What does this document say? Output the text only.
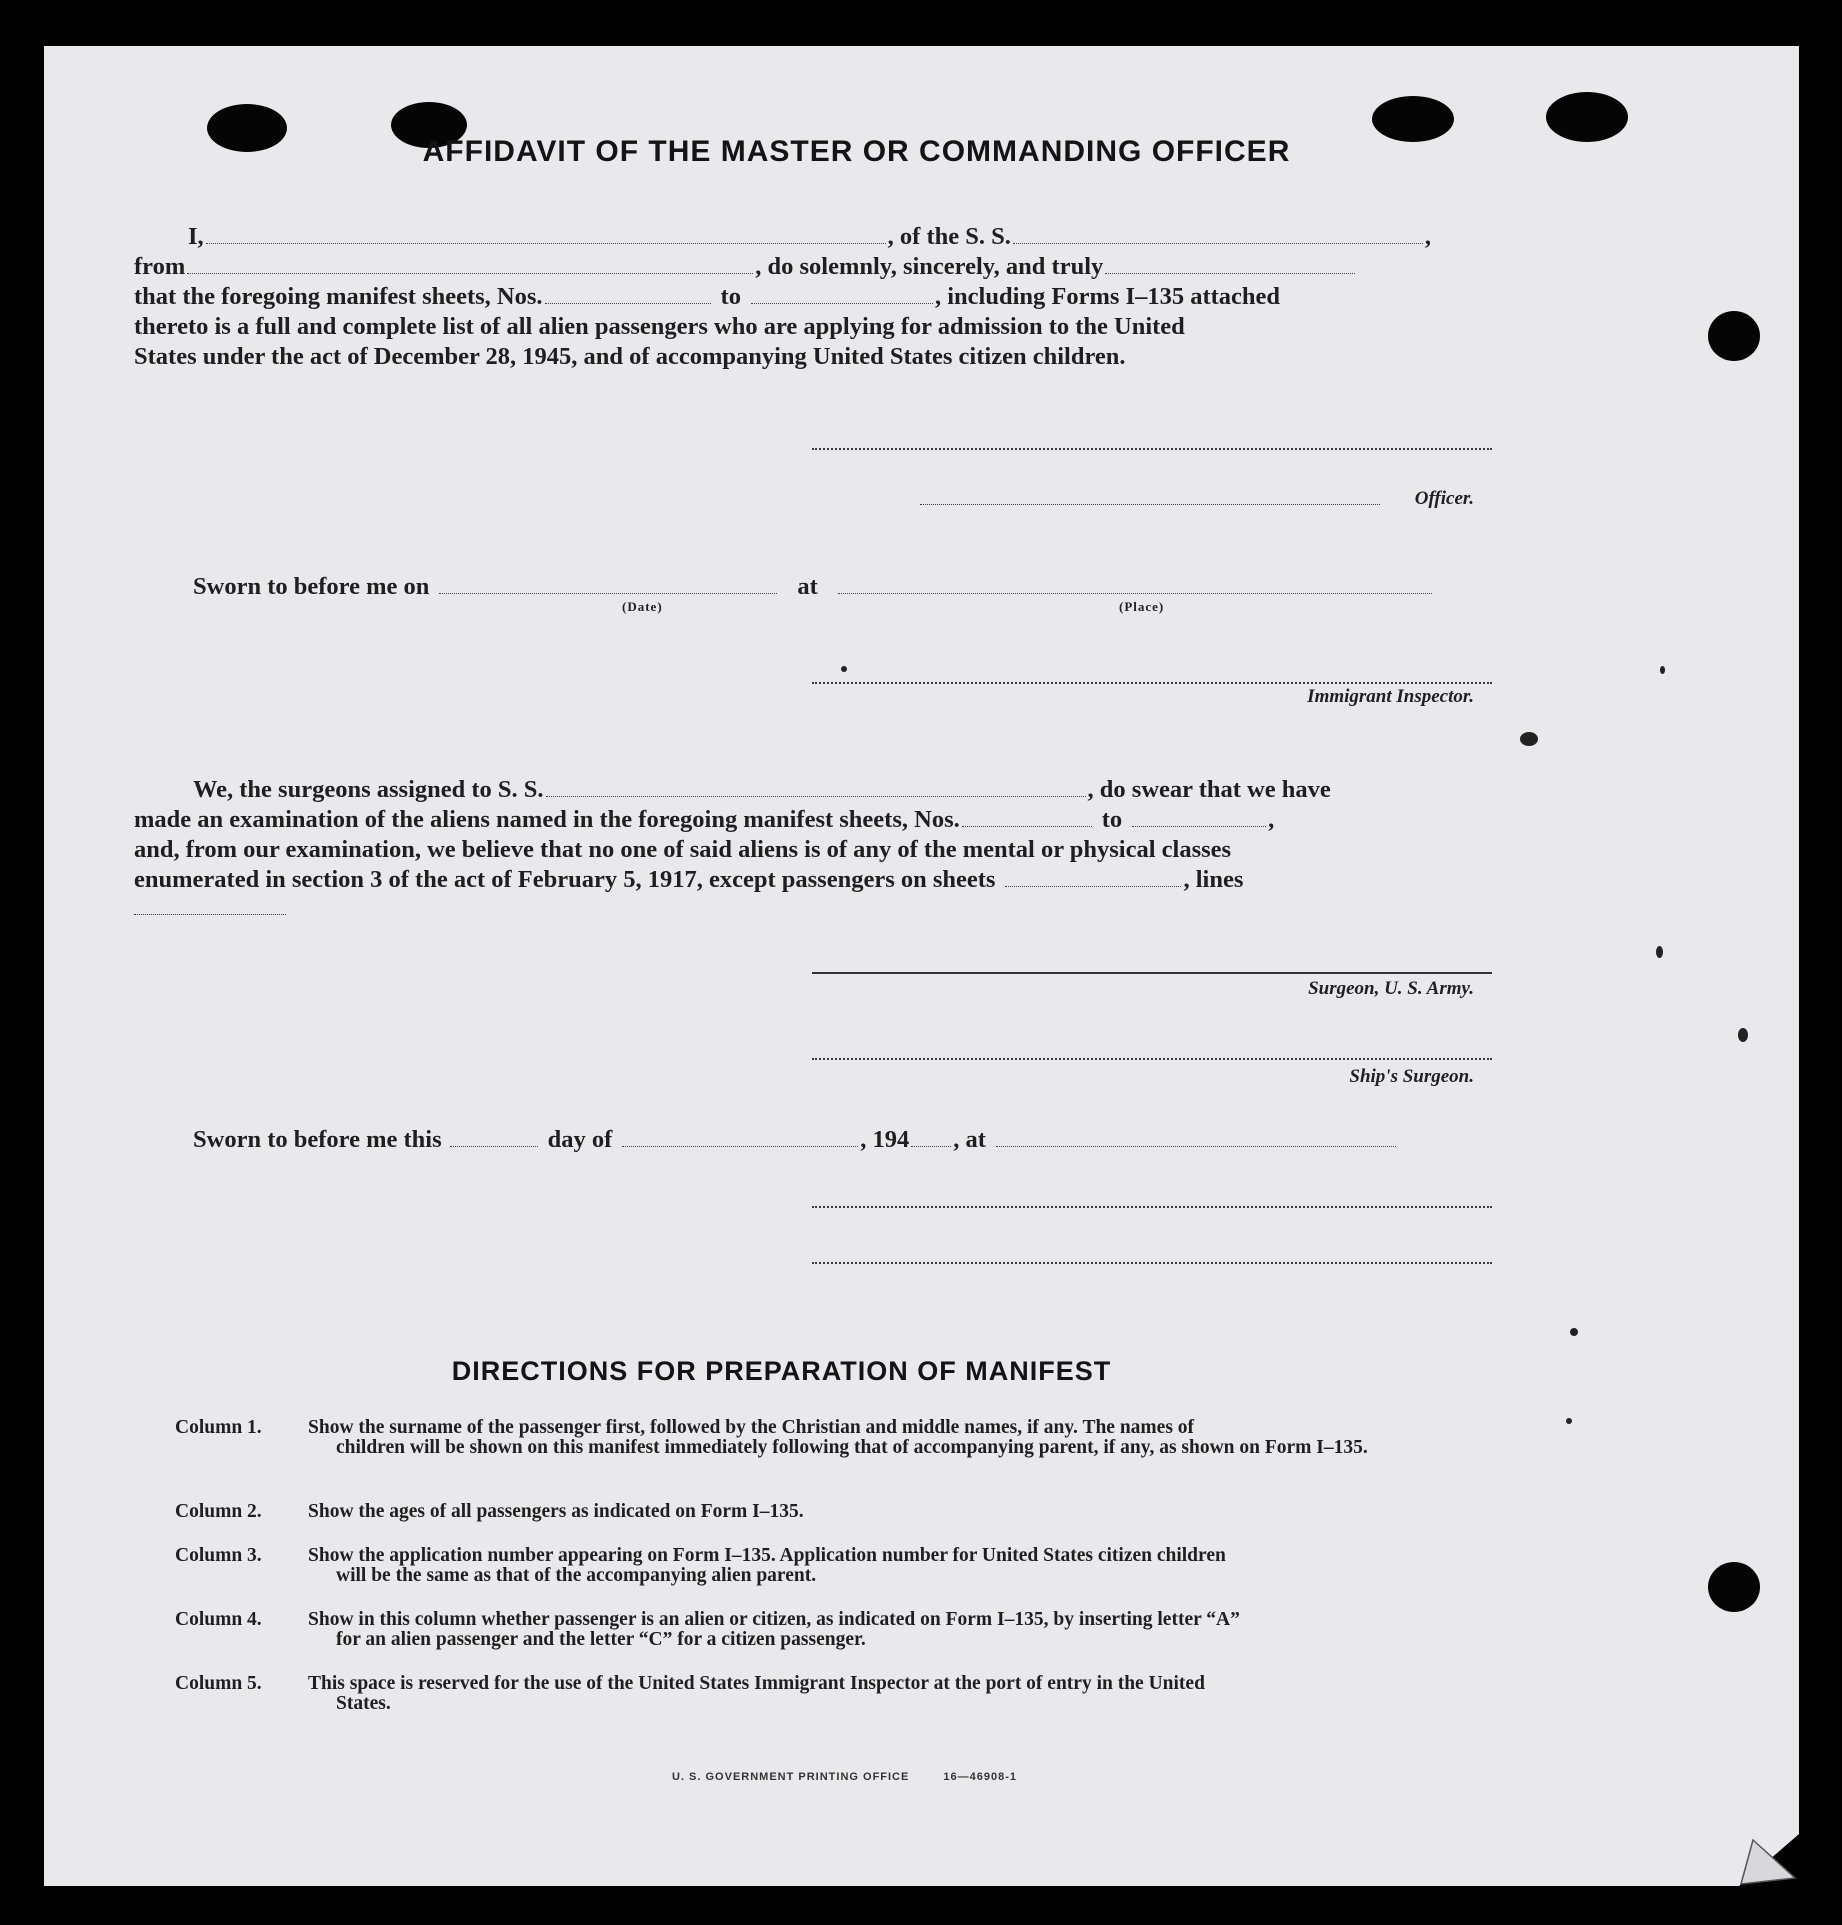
AFFIDAVIT OF THE MASTER OR COMMANDING OFFICER
I,	, of the S. S.	,
from	, do solemnly, sincerely, and truly
that the foregoing manifest sheets, Nos.	to	, including Forms I–135 attached
thereto is a full and complete list of all alien passengers who are applying for admission to the United
States under the act of December 28, 1945, and of accompanying United States citizen children.
Officer.
Sworn to before me on	at
(Date)	(Place)
Immigrant Inspector.
We, the surgeons assigned to S. S.	, do swear that we have
made an examination of the aliens named in the foregoing manifest sheets, Nos.	to	,
and, from our examination, we believe that no one of said aliens is of any of the mental or physical classes
enumerated in section 3 of the act of February 5, 1917, except passengers on sheets	, lines
Surgeon, U. S. Army.
Ship's Surgeon.
Sworn to before me this	day of	, 194 , at
DIRECTIONS FOR PREPARATION OF MANIFEST
Column 1.	Show the surname of the passenger first, followed by the Christian and middle names, if any. The names of
children will be shown on this manifest immediately following that of accompanying parent, if any, as shown on Form I–135.
Column 2.	Show the ages of all passengers as indicated on Form I–135.
Column 3.	Show the application number appearing on Form I–135. Application number for United States citizen children
will be the same as that of the accompanying alien parent.
Column 4.	Show in this column whether passenger is an alien or citizen, as indicated on Form I–135, by inserting letter “A”
for an alien passenger and the letter “C” for a citizen passenger.
Column 5.	This space is reserved for the use of the United States Immigrant Inspector at the port of entry in the United
States.
U. S. GOVERNMENT PRINTING OFFICE	16—46908-1
